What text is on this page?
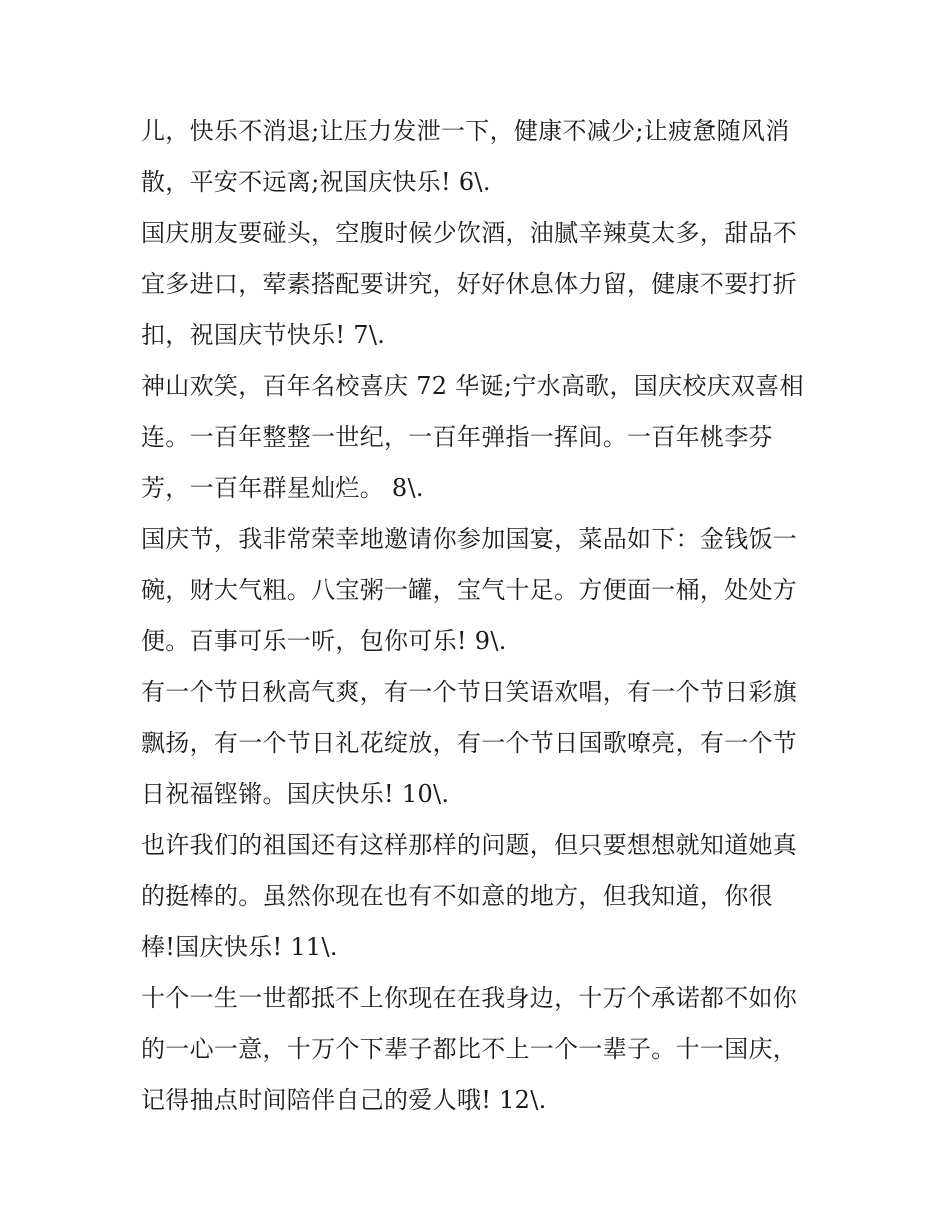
儿，快乐不消退;让压力发泄一下，健康不减少;让疲惫随风消
散，平安不远离;祝国庆快乐! 6\.

国庆朋友要碰头，空腹时候少饮酒，油腻辛辣莫太多，甜品不
宜多进口，荤素搭配要讲究，好好休息体力留，健康不要打折
扣，祝国庆节快乐! 7\.

神山欢笑，百年名校喜庆 72 华诞;宁水高歌，国庆校庆双喜相
连。一百年整整一世纪，一百年弹指一挥间。一百年桃李芬
芳，一百年群星灿烂。 8\.

国庆节，我非常荣幸地邀请你参加国宴，菜品如下：金钱饭一
碗，财大气粗。八宝粥一罐，宝气十足。方便面一桶，处处方
便。百事可乐一听，包你可乐! 9\.

有一个节日秋高气爽，有一个节日笑语欢唱，有一个节日彩旗
飘扬，有一个节日礼花绽放，有一个节日国歌嘹亮，有一个节
日祝福铿锵。国庆快乐! 10\.

也许我们的祖国还有这样那样的问题，但只要想想就知道她真
的挺棒的。虽然你现在也有不如意的地方，但我知道，你很
棒!国庆快乐! 11\.

十个一生一世都抵不上你现在在我身边，十万个承诺都不如你
的一心一意，十万个下辈子都比不上一个一辈子。十一国庆，
记得抽点时间陪伴自己的爱人哦! 12\.
